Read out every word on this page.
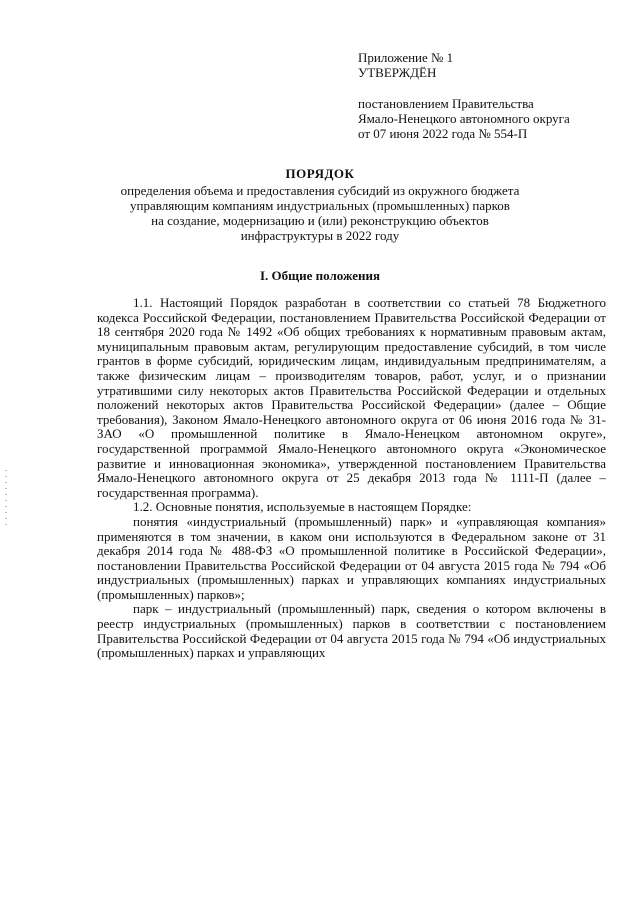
Приложение № 1
УТВЕРЖДЁН
постановлением Правительства
Ямало-Ненецкого автономного округа
от 07 июня 2022 года № 554-П
ПОРЯДОК
определения объема и предоставления субсидий из окружного бюджета
управляющим компаниям индустриальных (промышленных) парков
на создание, модернизацию и (или) реконструкцию объектов
инфраструктуры в 2022 году
I. Общие положения

1.1. Настоящий Порядок разработан в соответствии со статьей 78 Бюджетного кодекса Российской Федерации, постановлением Правительства Российской Федерации от 18 сентября 2020 года № 1492 «Об общих требованиях к нормативным правовым актам, муниципальным правовым актам, регулирующим предоставление субсидий, в том числе грантов в форме субсидий, юридическим лицам, индивидуальным предпринимателям, а также физическим лицам – производителям товаров, работ, услуг, и о признании утратившими силу некоторых актов Правительства Российской Федерации и отдельных положений некоторых актов Правительства Российской Федерации» (далее – Общие требования), Законом Ямало-Ненецкого автономного округа от 06 июня 2016 года № 31-ЗАО «О промышленной политике в Ямало-Ненецком автономном округе», государственной программой Ямало-Ненецкого автономного округа «Экономическое развитие и инновационная экономика», утвержденной постановлением Правительства Ямало-Ненецкого автономного округа от 25 декабря 2013 года № 1111-П (далее – государственная программа).

1.2. Основные понятия, используемые в настоящем Порядке:

понятия «индустриальный (промышленный) парк» и «управляющая компания» применяются в том значении, в каком они используются в Федеральном законе от 31 декабря 2014 года № 488-ФЗ «О промышленной политике в Российской Федерации», постановлении Правительства Российской Федерации от 04 августа 2015 года № 794 «Об индустриальных (промышленных) парках и управляющих компаниях индустриальных (промышленных) парков»;

парк – индустриальный (промышленный) парк, сведения о котором включены в реестр индустриальных (промышленных) парков в соответствии с постановлением Правительства Российской Федерации от 04 августа 2015 года № 794 «Об индустриальных (промышленных) парках и управляющих
